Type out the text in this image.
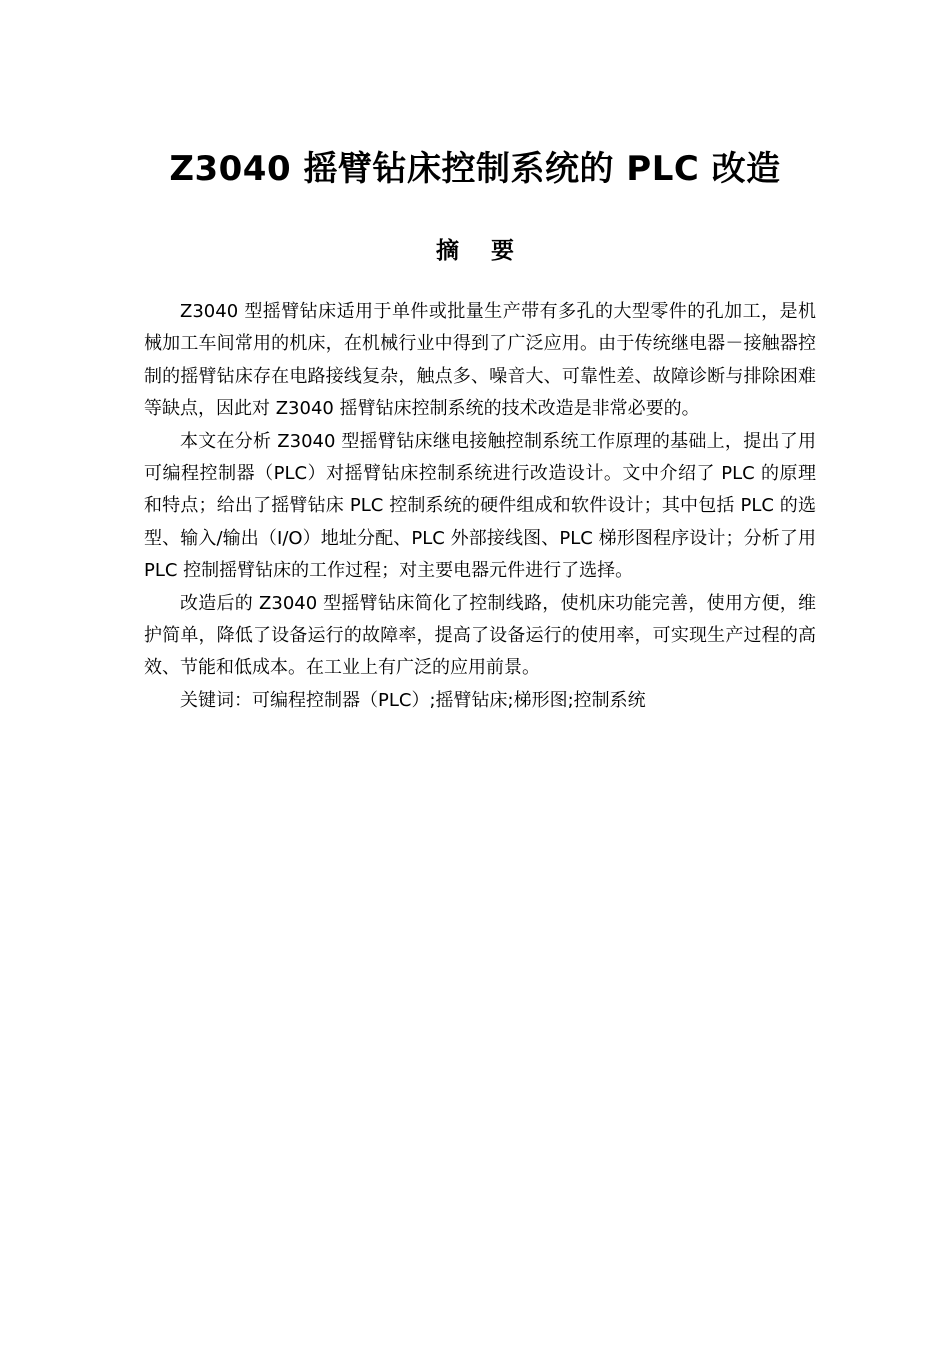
Z3040 摇臂钻床控制系统的 PLC 改造
摘 要

Z3040 型摇臂钻床适用于单件或批量生产带有多孔的大型零件的孔加工，是机械加工车间常用的机床，在机械行业中得到了广泛应用。由于传统继电器－接触器控制的摇臂钻床存在电路接线复杂，触点多、噪音大、可靠性差、故障诊断与排除困难等缺点，因此对 Z3040 摇臂钻床控制系统的技术改造是非常必要的。

本文在分析 Z3040 型摇臂钻床继电接触控制系统工作原理的基础上，提出了用可编程控制器（PLC）对摇臂钻床控制系统进行改造设计。文中介绍了 PLC 的原理和特点；给出了摇臂钻床 PLC 控制系统的硬件组成和软件设计；其中包括 PLC 的选型、输入/输出（I/O）地址分配、PLC 外部接线图、PLC 梯形图程序设计；分析了用 PLC 控制摇臂钻床的工作过程；对主要电器元件进行了选择。

改造后的 Z3040 型摇臂钻床简化了控制线路，使机床功能完善，使用方便，维护简单，降低了设备运行的故障率，提高了设备运行的使用率，可实现生产过程的高效、节能和低成本。在工业上有广泛的应用前景。

关键词：可编程控制器（PLC）;摇臂钻床;梯形图;控制系统
